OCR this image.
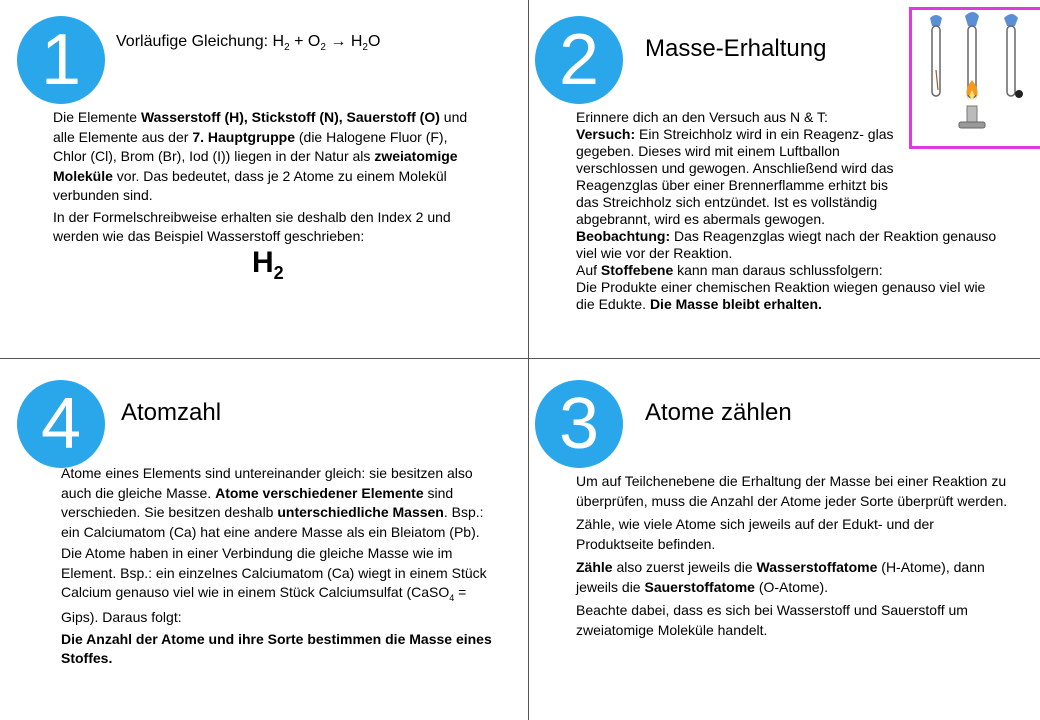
1	Vorläufige Gleichung: $H_2 + O_2 \to H_2O$

Die Elemente Wasserstoff (H), Stickstoff (N), Sauerstoff (O) und alle Elemente aus der 7. Hauptgruppe (die Halogene Fluor (F), Chlor (Cl), Brom (Br), Iod (I)) liegen in der Natur als zweiatomige Moleküle vor. Das bedeutet, dass je 2 Atome zu einem Molekül verbunden sind.

In der Formelschreibweise erhalten sie deshalb den Index 2 und werden wie das Beispiel Wasserstoff geschrieben:

$H_2$
2	Masse-Erhaltung
Erinnere dich an den Versuch aus N & T:
Versuch: Ein Streichholz wird in ein Reagenz- glas gegeben. Dieses wird mit einem Luftballon verschlossen und gewogen. Anschließend wird das Reagenzglas über einer Brennerflamme erhitzt bis das Streichholz sich entzündet. Ist es vollständig abgebrannt, wird es abermals gewogen.
Beobachtung: Das Reagenzglas wiegt nach der Reaktion genauso viel wie vor der Reaktion.
Auf Stoffebene kann man daraus schlussfolgern:
Die Produkte einer chemischen Reaktion wiegen genauso viel wie die Edukte. Die Masse bleibt erhalten.
4	Atomzahl

Atome eines Elements sind untereinander gleich: sie besitzen also auch die gleiche Masse. Atome verschiedener Elemente sind verschieden. Sie besitzen deshalb unterschiedliche Massen. Bsp.: ein Calciumatom (Ca) hat eine andere Masse als ein Bleiatom (Pb).

Die Atome haben in einer Verbindung die gleiche Masse wie im Element. Bsp.: ein einzelnes Calciumatom (Ca) wiegt in einem Stück Calcium genauso viel wie in einem Stück Calciumsulfat (CaSO$_4$ = Gips). Daraus folgt:

Die Anzahl der Atome und ihre Sorte bestimmen die Masse eines Stoffes.

3	Atome zählen

Um auf Teilchenebene die Erhaltung der Masse bei einer Reaktion zu überprüfen, muss die Anzahl der Atome jeder Sorte überprüft werden.

Zähle, wie viele Atome sich jeweils auf der Edukt- und der Produktseite befinden.

Zähle also zuerst jeweils die Wasserstoffatome (H-Atome), dann jeweils die Sauerstoffatome (O-Atome).

Beachte dabei, dass es sich bei Wasserstoff und Sauerstoff um zweiatomige Moleküle handelt.
